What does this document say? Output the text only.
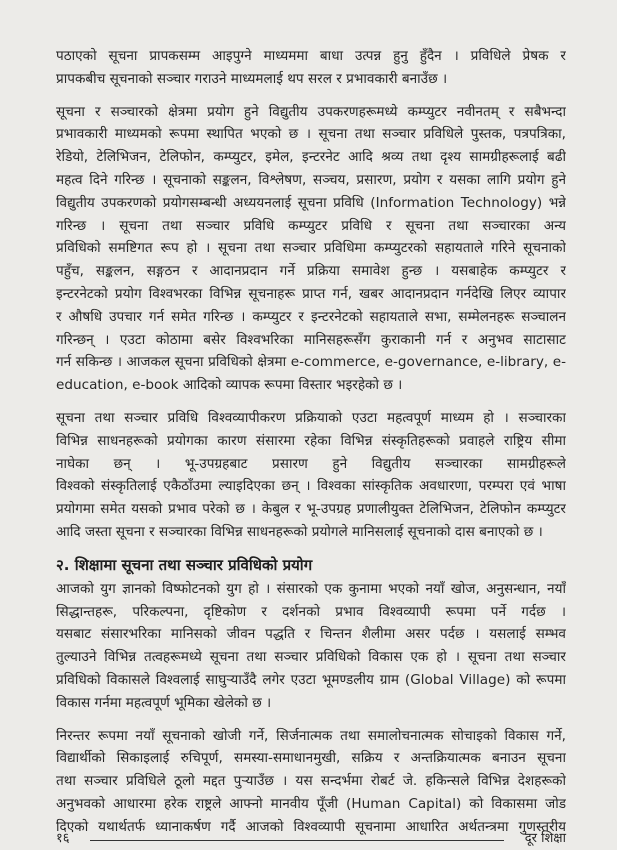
पठाएको सूचना प्रापकसम्म आइपुग्ने माध्यममा बाधा उत्पन्न हुनु हुँदैन । प्रविधिले प्रेषक र
प्रापकबीच सूचनाको सञ्चार गराउने माध्यमलाई थप सरल र प्रभावकारी बनाउँछ ।
सूचना र सञ्चारको क्षेत्रमा प्रयोग हुने विद्युतीय उपकरणहरूमध्ये कम्प्युटर नवीनतम् र सबैभन्दा
प्रभावकारी माध्यमको रूपमा स्थापित भएको छ । सूचना तथा सञ्चार प्रविधिले पुस्तक, पत्रपत्रिका,
रेडियो, टेलिभिजन, टेलिफोन, कम्प्युटर, इमेल, इन्टरनेट आदि श्रव्य तथा दृश्य सामग्रीहरूलाई बढी
महत्व दिने गरिन्छ । सूचनाको सङ्कलन, विश्लेषण, सञ्चय, प्रसारण, प्रयोग र यसका लागि प्रयोग हुने
विद्युतीय उपकरणको प्रयोगसम्बन्धी अध्ययनलाई सूचना प्रविधि (Information Technology) भन्ने
गरिन्छ । सूचना तथा सञ्चार प्रविधि कम्प्युटर प्रविधि र सूचना तथा सञ्चारका अन्य
प्रविधिको समष्टिगत रूप हो । सूचना तथा सञ्चार प्रविधिमा कम्प्युटरको सहायताले गरिने सूचनाको
पहुँच, सङ्कलन, सङ्गठन र आदानप्रदान गर्ने प्रक्रिया समावेश हुन्छ । यसबाहेक कम्प्युटर र
इन्टरनेटको प्रयोग विश्वभरका विभिन्न सूचनाहरू प्राप्त गर्न, खबर आदानप्रदान गर्नदेखि लिएर व्यापार
र औषधि उपचार गर्न समेत गरिन्छ । कम्प्युटर र इन्टरनेटको सहायताले सभा, सम्मेलनहरू सञ्चालन
गरिन्छन् । एउटा कोठामा बसेर विश्वभरिका मानिसहरूसँग कुराकानी गर्न र अनुभव साटासाट
गर्न सकिन्छ । आजकल सूचना प्रविधिको क्षेत्रमा e-commerce, e-governance, e-library, e-
education, e-book आदिको व्यापक रूपमा विस्तार भइरहेको छ ।
सूचना तथा सञ्चार प्रविधि विश्वव्यापीकरण प्रक्रियाको एउटा महत्वपूर्ण माध्यम हो । सञ्चारका
विभिन्न साधनहरूको प्रयोगका कारण संसारमा रहेका विभिन्न संस्कृतिहरूको प्रवाहले राष्ट्रिय सीमा
नाघेका छन् । भू-उपग्रहबाट प्रसारण हुने विद्युतीय सञ्चारका सामग्रीहरूले
विश्वको संस्कृतिलाई एकैठाँउमा ल्याइदिएका छन् । विश्वका सांस्कृतिक अवधारणा, परम्परा एवं भाषा
प्रयोगमा समेत यसको प्रभाव परेको छ । केबुल र भू-उपग्रह प्रणालीयुक्त टेलिभिजन, टेलिफोन कम्प्युटर
आदि जस्ता सूचना र सञ्चारका विभिन्न साधनहरूको प्रयोगले मानिसलाई सूचनाको दास बनाएको छ ।
२. शिक्षामा सूचना तथा सञ्चार प्रविधिको प्रयोग
आजको युग ज्ञानको विष्फोटनको युग हो । संसारको एक कुनामा भएको नयाँ खोज, अनुसन्धान, नयाँ
सिद्धान्तहरू, परिकल्पना, दृष्टिकोण र दर्शनको प्रभाव विश्वव्यापी रूपमा पर्ने गर्दछ ।
यसबाट संसारभरिका मानिसको जीवन पद्धति र चिन्तन शैलीमा असर पर्दछ । यसलाई सम्भव
तुल्याउने विभिन्न तत्वहरूमध्ये सूचना तथा सञ्चार प्रविधिको विकास एक हो । सूचना तथा सञ्चार
प्रविधिको विकासले विश्वलाई साघुर्‍याउँदै लगेर एउटा भूमण्डलीय ग्राम (Global Village) को रूपमा
विकास गर्नमा महत्वपूर्ण भूमिका खेलेको छ ।
निरन्तर रूपमा नयाँ सूचनाको खोजी गर्ने, सिर्जनात्मक तथा समालोचनात्मक सोचाइको विकास गर्ने,
विद्यार्थीको सिकाइलाई रुचिपूर्ण, समस्या-समाधानमुखी, सक्रिय र अन्तक्रियात्मक बनाउन सूचना
तथा सञ्चार प्रविधिले ठूलो मद्दत पुर्‍याउँछ । यस सन्दर्भमा रोबर्ट जे. हकिन्सले विभिन्न देशहरूको
अनुभवको आधारमा हरेक राष्ट्रले आफ्नो मानवीय पूँजी (Human Capital) को विकासमा जोड
दिएको यथार्थतर्फ ध्यानाकर्षण गर्दै आजको विश्वव्यापी सूचनामा आधारित अर्थतन्त्रमा गुणस्तरीय
१६	दूर शिक्षा
